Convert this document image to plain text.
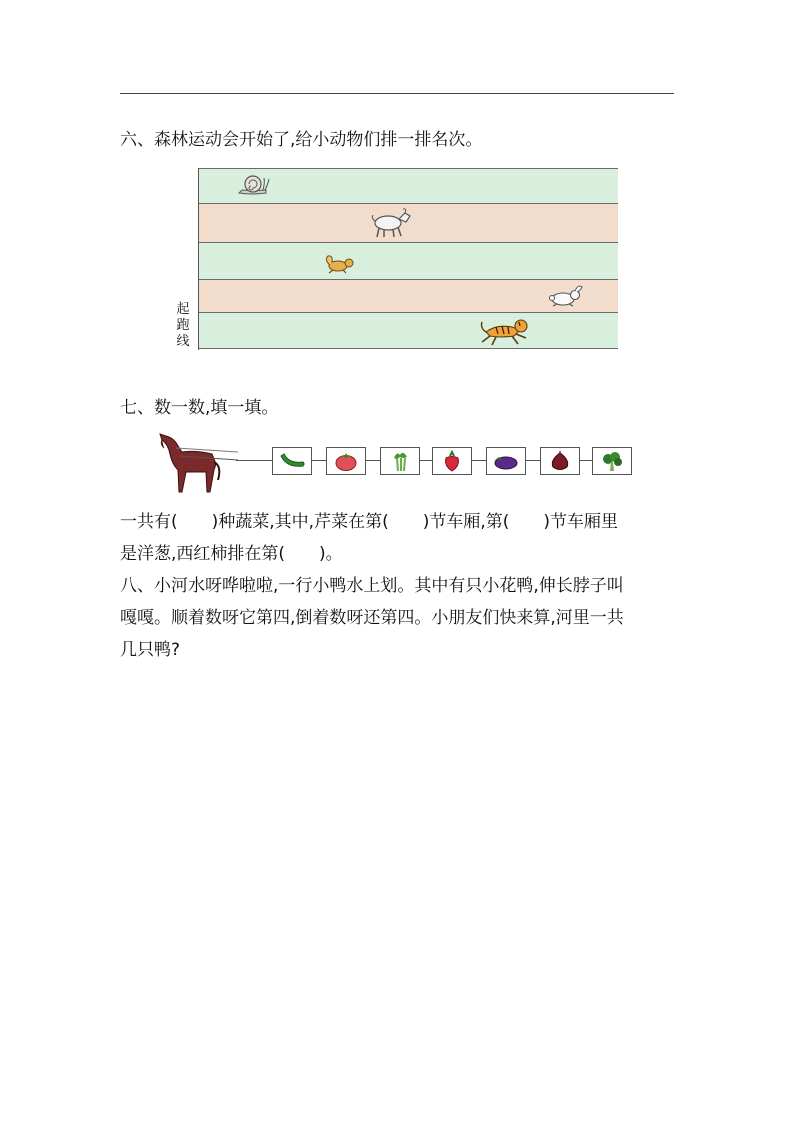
六、森林运动会开始了,给小动物们排一排名次。
起
跑
线
七、数一数,填一填。
一共有(　　)种蔬菜,其中,芹菜在第(　　)节车厢,第(　　)节车厢里
是洋葱,西红柿排在第(　　)。
八、小河水呀哗啦啦,一行小鸭水上划。其中有只小花鸭,伸长脖子叫
嘎嘎。顺着数呀它第四,倒着数呀还第四。小朋友们快来算,河里一共
几只鸭?
